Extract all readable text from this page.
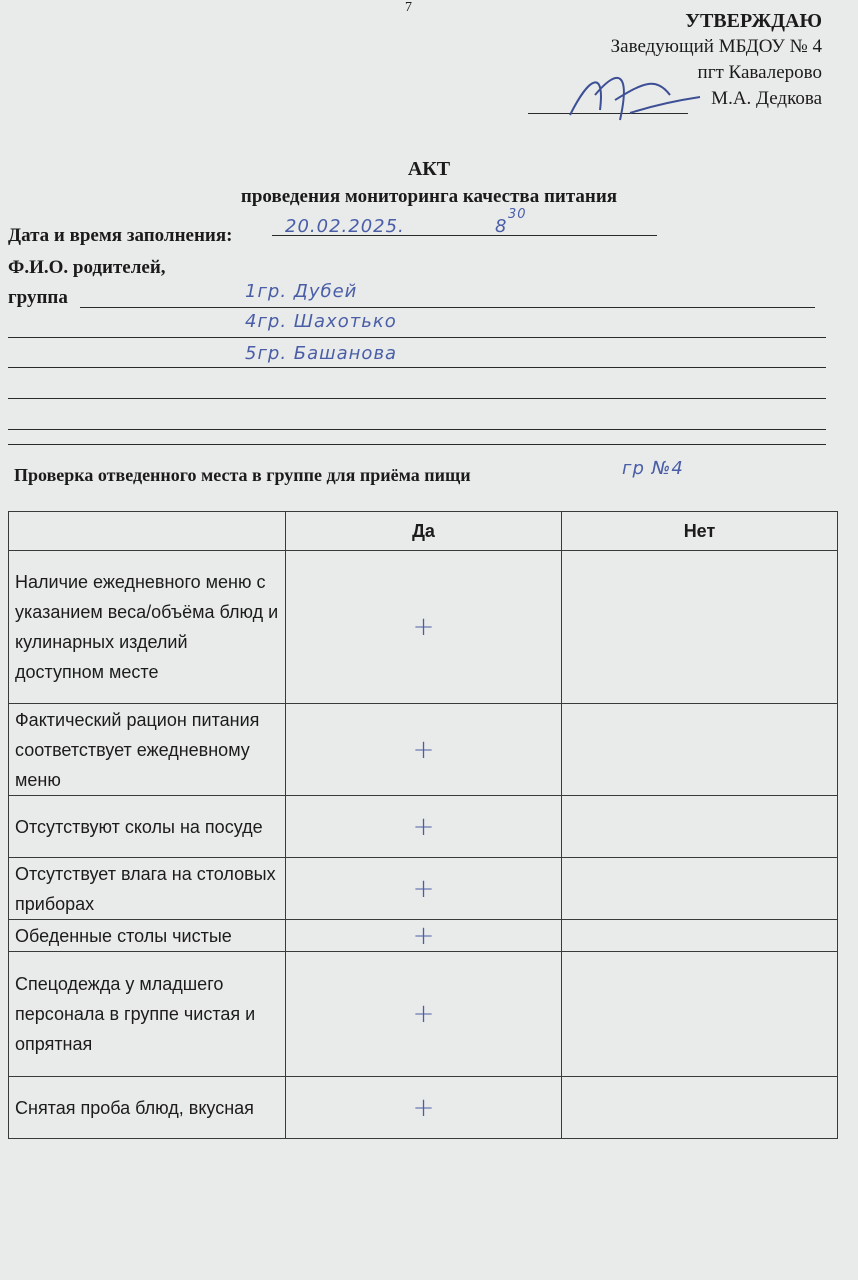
7
УТВЕРЖДАЮ
Заведующий МБДОУ № 4
пгт Кавалерово
М.А. Дедкова
АКТ
проведения мониторинга качества питания
Дата и время заполнения:	20.02.2025.	8
30
Ф.И.О. родителей,
группа	1гр. Дубей
4гр. Шахотько
5гр. Башанова
Проверка отведенного места в группе для приёма пищи	гр №4
	Да	Нет
Наличие ежедневного меню с указанием веса/объёма блюд и кулинарных изделий доступном месте	+	
Фактический рацион питания соответствует ежедневному меню	+	
Отсутствуют сколы на посуде	+	
Отсутствует влага на столовых приборах	+	
Обеденные столы чистые	+	
Спецодежда у младшего персонала в группе чистая и опрятная	+	
Снятая проба блюд, вкусная	+	
